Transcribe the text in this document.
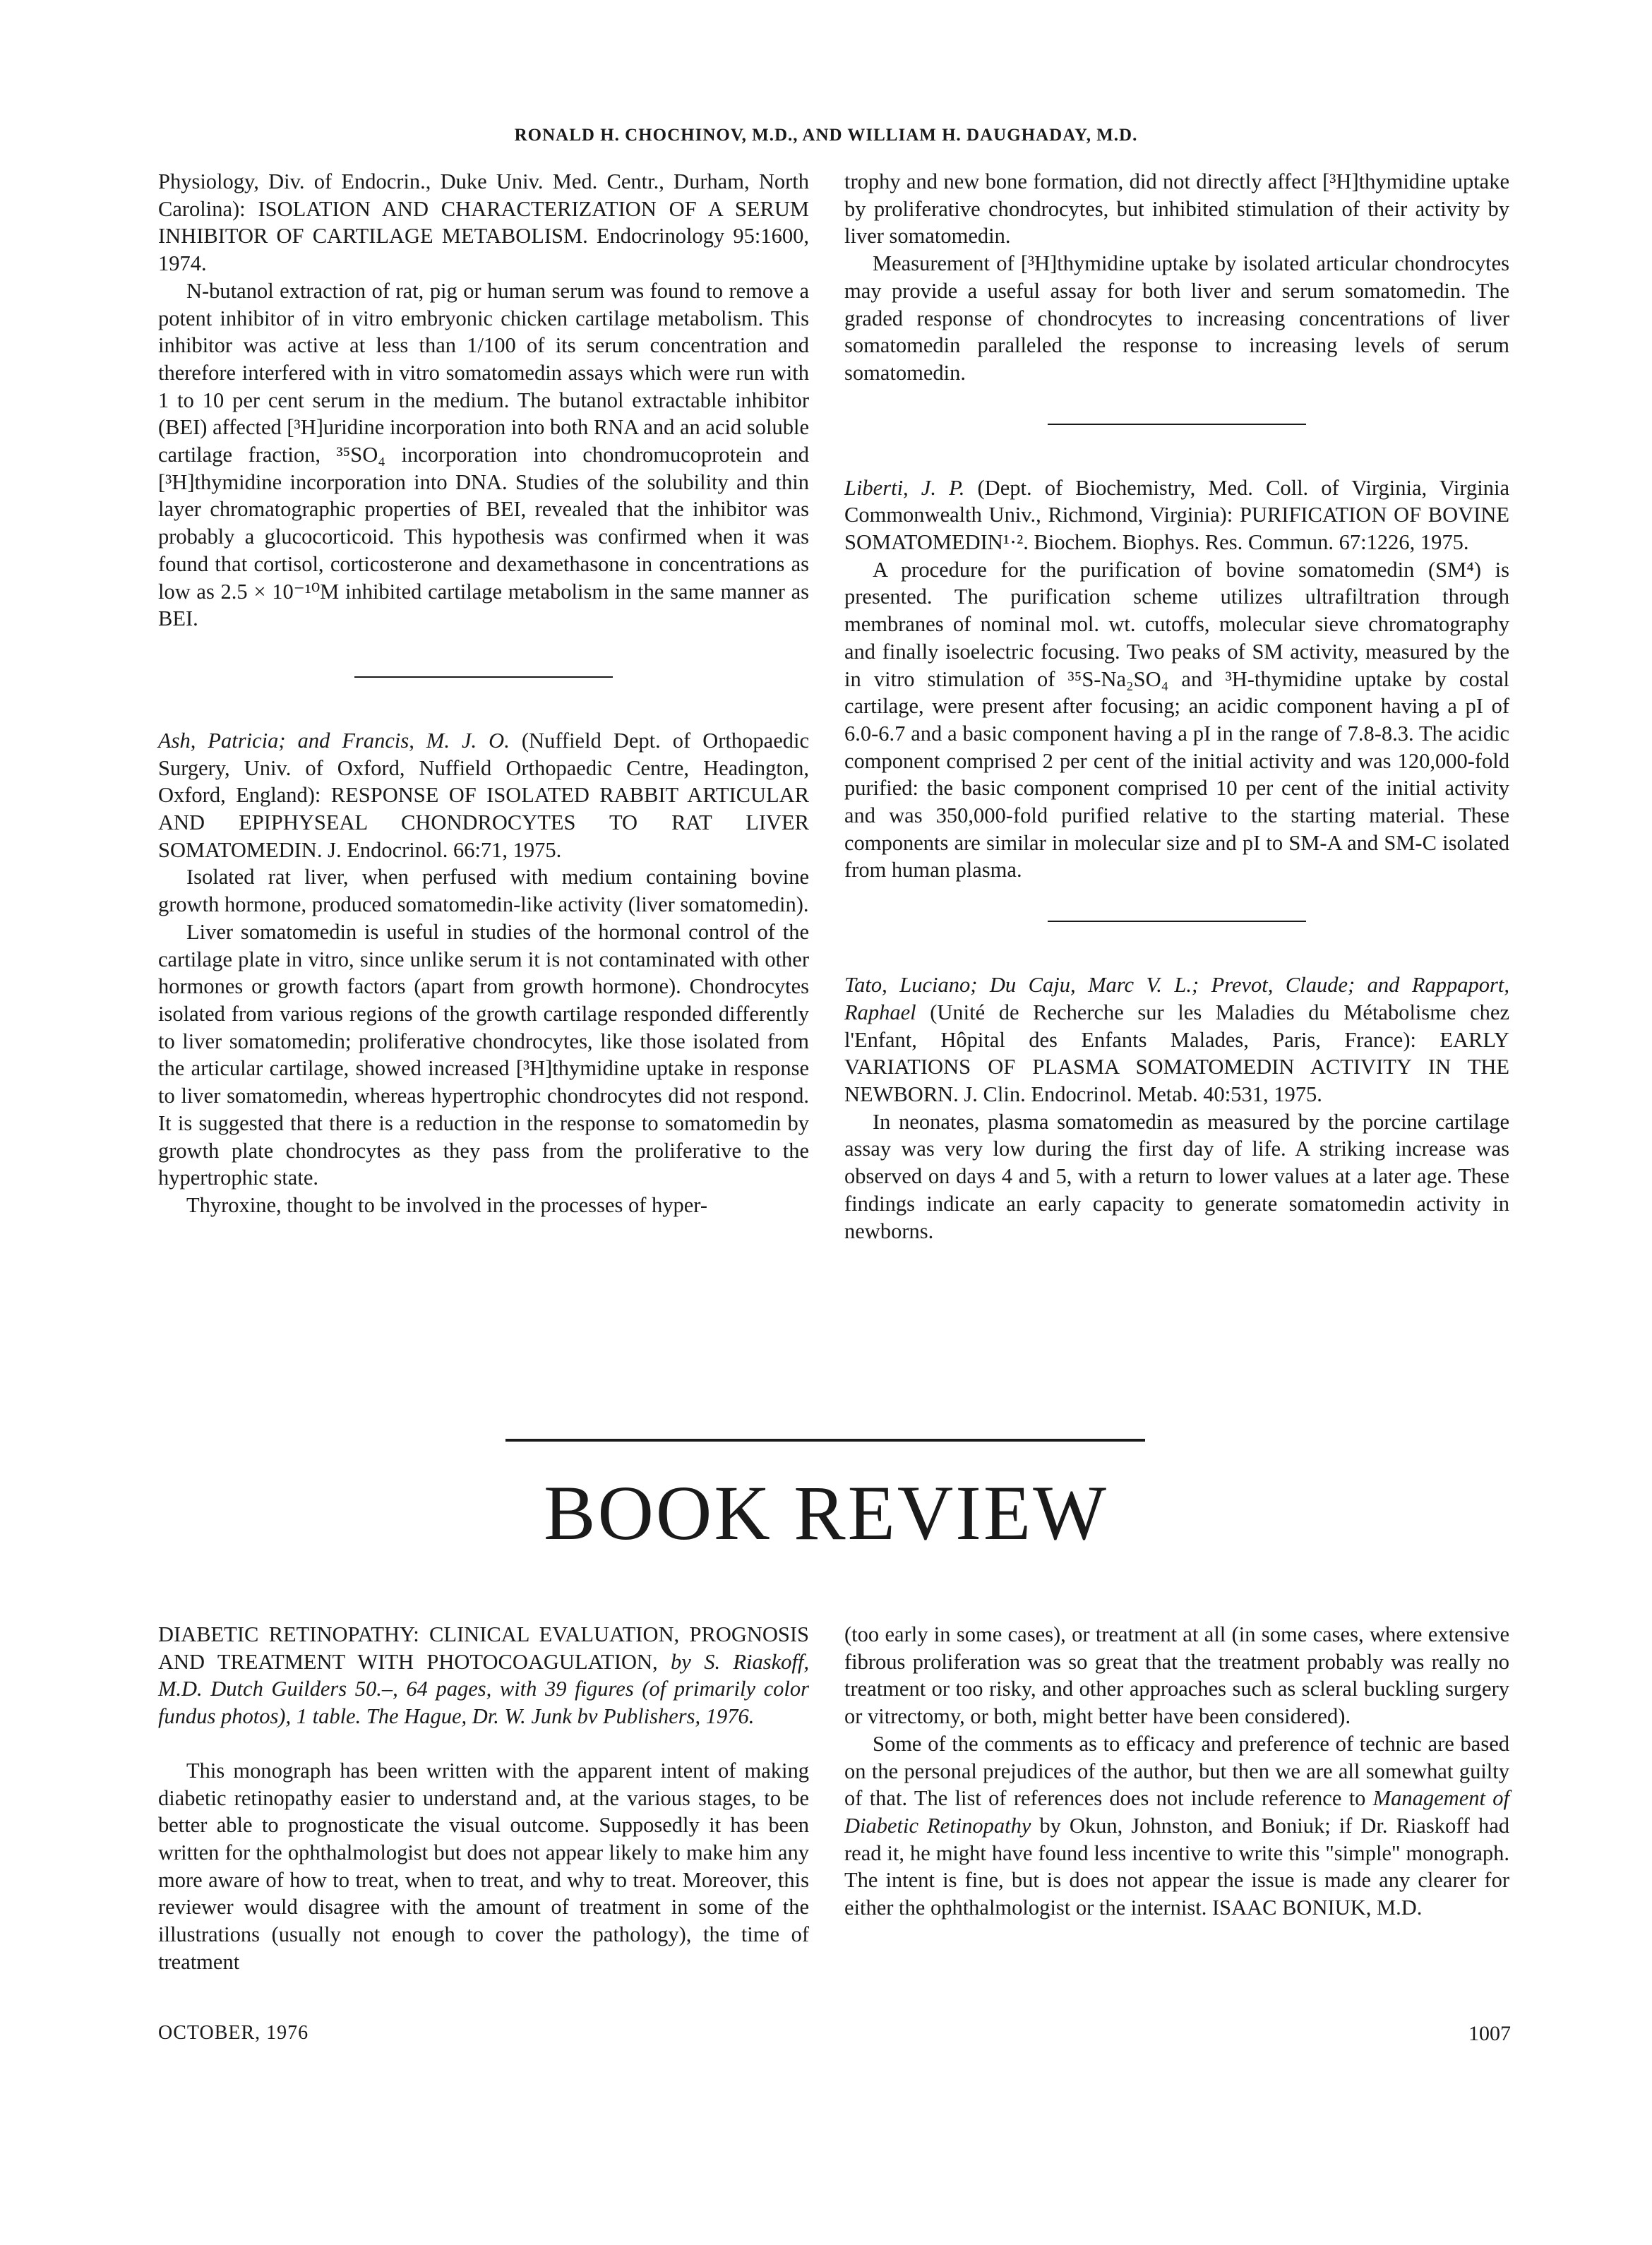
RONALD H. CHOCHINOV, M.D., AND WILLIAM H. DAUGHADAY, M.D.

Physiology, Div. of Endocrin., Duke Univ. Med. Centr., Durham, North Carolina): ISOLATION AND CHARACTERIZATION OF A SERUM INHIBITOR OF CARTILAGE METABOLISM. Endocrinology 95:1600, 1974.

N-butanol extraction of rat, pig or human serum was found to remove a potent inhibitor of in vitro embryonic chicken cartilage metabolism. This inhibitor was active at less than 1/100 of its serum concentration and therefore interfered with in vitro somatomedin assays which were run with 1 to 10 per cent serum in the medium. The butanol extractable inhibitor (BEI) affected [³H]uridine incorporation into both RNA and an acid soluble cartilage fraction, ³⁵SO₄ incorporation into chondromucoprotein and [³H]thymidine incorporation into DNA. Studies of the solubility and thin layer chromatographic properties of BEI, revealed that the inhibitor was probably a glucocorticoid. This hypothesis was confirmed when it was found that cortisol, corticosterone and dexamethasone in concentrations as low as 2.5 × 10⁻¹⁰M inhibited cartilage metabolism in the same manner as BEI.

Ash, Patricia; and Francis, M. J. O. (Nuffield Dept. of Orthopaedic Surgery, Univ. of Oxford, Nuffield Orthopaedic Centre, Headington, Oxford, England): RESPONSE OF ISOLATED RABBIT ARTICULAR AND EPIPHYSEAL CHONDROCYTES TO RAT LIVER SOMATOMEDIN. J. Endocrinol. 66:71, 1975.

Isolated rat liver, when perfused with medium containing bovine growth hormone, produced somatomedin-like activity (liver somatomedin).

Liver somatomedin is useful in studies of the hormonal control of the cartilage plate in vitro, since unlike serum it is not contaminated with other hormones or growth factors (apart from growth hormone). Chondrocytes isolated from various regions of the growth cartilage responded differently to liver somatomedin; proliferative chondrocytes, like those isolated from the articular cartilage, showed increased [³H]thymidine uptake in response to liver somatomedin, whereas hypertrophic chondrocytes did not respond. It is suggested that there is a reduction in the response to somatomedin by growth plate chondrocytes as they pass from the proliferative to the hypertrophic state.

Thyroxine, thought to be involved in the processes of hyper-

trophy and new bone formation, did not directly affect [³H]thymidine uptake by proliferative chondrocytes, but inhibited stimulation of their activity by liver somatomedin.

Measurement of [³H]thymidine uptake by isolated articular chondrocytes may provide a useful assay for both liver and serum somatomedin. The graded response of chondrocytes to increasing concentrations of liver somatomedin paralleled the response to increasing levels of serum somatomedin.

Liberti, J. P. (Dept. of Biochemistry, Med. Coll. of Virginia, Virginia Commonwealth Univ., Richmond, Virginia): PURIFICATION OF BOVINE SOMATOMEDIN¹·². Biochem. Biophys. Res. Commun. 67:1226, 1975.

A procedure for the purification of bovine somatomedin (SM⁴) is presented. The purification scheme utilizes ultrafiltration through membranes of nominal mol. wt. cutoffs, molecular sieve chromatography and finally isoelectric focusing. Two peaks of SM activity, measured by the in vitro stimulation of ³⁵S-Na₂SO₄ and ³H-thymidine uptake by costal cartilage, were present after focusing; an acidic component having a pI of 6.0-6.7 and a basic component having a pI in the range of 7.8-8.3. The acidic component comprised 2 per cent of the initial activity and was 120,000-fold purified: the basic component comprised 10 per cent of the initial activity and was 350,000-fold purified relative to the starting material. These components are similar in molecular size and pI to SM-A and SM-C isolated from human plasma.

Tato, Luciano; Du Caju, Marc V. L.; Prevot, Claude; and Rappaport, Raphael (Unité de Recherche sur les Maladies du Métabolisme chez l'Enfant, Hôpital des Enfants Malades, Paris, France): EARLY VARIATIONS OF PLASMA SOMATOMEDIN ACTIVITY IN THE NEWBORN. J. Clin. Endocrinol. Metab. 40:531, 1975.

In neonates, plasma somatomedin as measured by the porcine cartilage assay was very low during the first day of life. A striking increase was observed on days 4 and 5, with a return to lower values at a later age. These findings indicate an early capacity to generate somatomedin activity in newborns.

BOOK REVIEW

DIABETIC RETINOPATHY: CLINICAL EVALUATION, PROGNOSIS AND TREATMENT WITH PHOTOCOAGULATION, by S. Riaskoff, M.D. Dutch Guilders 50.–, 64 pages, with 39 figures (of primarily color fundus photos), 1 table. The Hague, Dr. W. Junk bv Publishers, 1976.

This monograph has been written with the apparent intent of making diabetic retinopathy easier to understand and, at the various stages, to be better able to prognosticate the visual outcome. Supposedly it has been written for the ophthalmologist but does not appear likely to make him any more aware of how to treat, when to treat, and why to treat. Moreover, this reviewer would disagree with the amount of treatment in some of the illustrations (usually not enough to cover the pathology), the time of treatment

(too early in some cases), or treatment at all (in some cases, where extensive fibrous proliferation was so great that the treatment probably was really no treatment or too risky, and other approaches such as scleral buckling surgery or vitrectomy, or both, might better have been considered).

Some of the comments as to efficacy and preference of technic are based on the personal prejudices of the author, but then we are all somewhat guilty of that. The list of references does not include reference to Management of Diabetic Retinopathy by Okun, Johnston, and Boniuk; if Dr. Riaskoff had read it, he might have found less incentive to write this "simple" monograph. The intent is fine, but is does not appear the issue is made any clearer for either the ophthalmologist or the internist. ISAAC BONIUK, M.D.

OCTOBER, 1976	1007
